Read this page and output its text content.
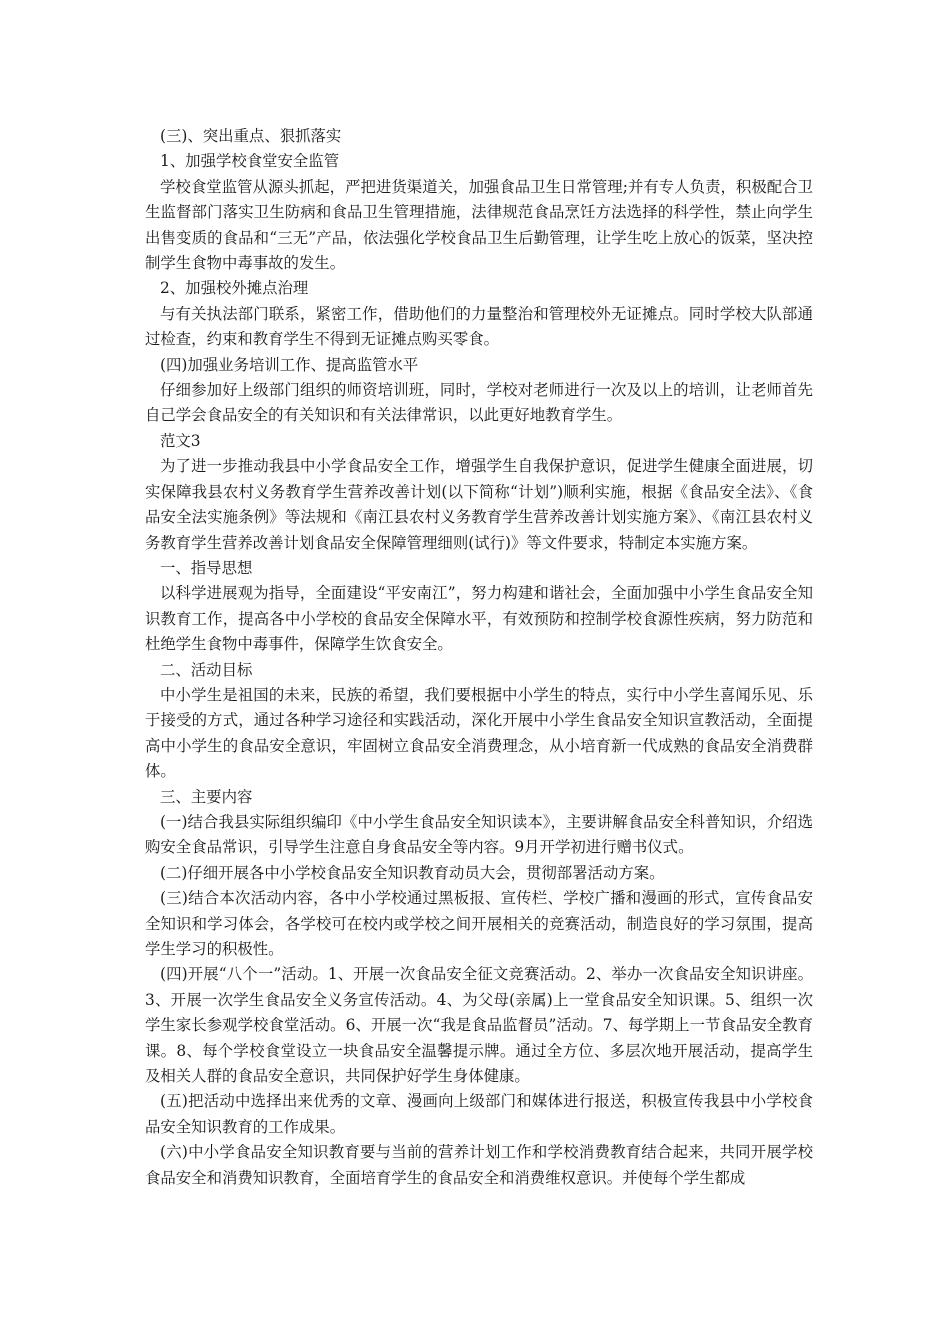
(三)、突出重点、狠抓落实

1、加强学校食堂安全监管

学校食堂监管从源头抓起，严把进货渠道关，加强食品卫生日常管理;并有专人负责，积极配合卫生监督部门落实卫生防病和食品卫生管理措施，法律规范食品烹饪方法选择的科学性，禁止向学生出售变质的食品和“三无”产品，依法强化学校食品卫生后勤管理，让学生吃上放心的饭菜，坚决控制学生食物中毒事故的发生。

2、加强校外摊点治理

与有关执法部门联系，紧密工作，借助他们的力量整治和管理校外无证摊点。同时学校大队部通过检查，约束和教育学生不得到无证摊点购买零食。

(四)加强业务培训工作、提高监管水平

仔细参加好上级部门组织的师资培训班，同时，学校对老师进行一次及以上的培训，让老师首先自己学会食品安全的有关知识和有关法律常识，以此更好地教育学生。

范文3

为了进一步推动我县中小学食品安全工作，增强学生自我保护意识，促进学生健康全面进展，切实保障我县农村义务教育学生营养改善计划(以下简称“计划”)顺利实施，根据《食品安全法》、《食品安全法实施条例》等法规和《南江县农村义务教育学生营养改善计划实施方案》、《南江县农村义务教育学生营养改善计划食品安全保障管理细则(试行)》等文件要求，特制定本实施方案。

一、指导思想

以科学进展观为指导，全面建设“平安南江”，努力构建和谐社会，全面加强中小学生食品安全知识教育工作，提高各中小学校的食品安全保障水平，有效预防和控制学校食源性疾病，努力防范和杜绝学生食物中毒事件，保障学生饮食安全。

二、活动目标

中小学生是祖国的未来，民族的希望，我们要根据中小学生的特点，实行中小学生喜闻乐见、乐于接受的方式，通过各种学习途径和实践活动，深化开展中小学生食品安全知识宣教活动，全面提高中小学生的食品安全意识，牢固树立食品安全消费理念，从小培育新一代成熟的食品安全消费群体。

三、主要内容

(一)结合我县实际组织编印《中小学生食品安全知识读本》，主要讲解食品安全科普知识，介绍选购安全食品常识，引导学生注意自身食品安全等内容。9月开学初进行赠书仪式。

(二)仔细开展各中小学校食品安全知识教育动员大会，贯彻部署活动方案。

(三)结合本次活动内容，各中小学校通过黑板报、宣传栏、学校广播和漫画的形式，宣传食品安全知识和学习体会，各学校可在校内或学校之间开展相关的竞赛活动，制造良好的学习氛围，提高学生学习的积极性。

(四)开展“八个一”活动。1、开展一次食品安全征文竞赛活动。2、举办一次食品安全知识讲座。3、开展一次学生食品安全义务宣传活动。4、为父母(亲属)上一堂食品安全知识课。5、组织一次学生家长参观学校食堂活动。6、开展一次“我是食品监督员”活动。7、每学期上一节食品安全教育课。8、每个学校食堂设立一块食品安全温馨提示牌。通过全方位、多层次地开展活动，提高学生及相关人群的食品安全意识，共同保护好学生身体健康。

(五)把活动中选择出来优秀的文章、漫画向上级部门和媒体进行报送，积极宣传我县中小学校食品安全知识教育的工作成果。

(六)中小学食品安全知识教育要与当前的营养计划工作和学校消费教育结合起来，共同开展学校食品安全和消费知识教育，全面培育学生的食品安全和消费维权意识。并使每个学生都成
